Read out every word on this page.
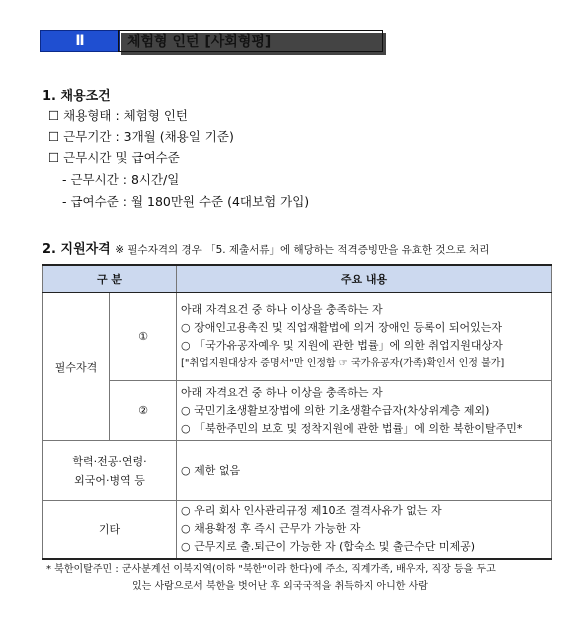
Ⅱ	체험형 인턴 [사회형평]
1. 채용조건
☐ 채용형태 : 체험형 인턴
☐ 근무기간 : 3개월 (채용일 기준)
☐ 근무시간 및 급여수준
- 근무시간 : 8시간/일
- 급여수준 : 월 180만원 수준 (4대보험 가입)
2. 지원자격 ※ 필수자격의 경우 「5. 제출서류」에 해당하는 적격증빙만을 유효한 것으로 처리
구 분		주요 내용
필수자격	①	아래 자격요건 중 하나 이상을 충족하는 자
○ 장애인고용촉진 및 직업재활법에 의거 장애인 등록이 되어있는자
○ 「국가유공자예우 및 지원에 관한 법률」에 의한 취업지원대상자
["취업지원대상자 증명서"만 인정함 ☞ 국가유공자(가족)확인서 인정 불가]

	②	아래 자격요건 중 하나 이상을 충족하는 자
○ 국민기초생활보장법에 의한 기초생활수급자(차상위계층 제외)
○ 「북한주민의 보호 및 정착지원에 관한 법률」에 의한 북한이탈주민*

학력·전공·연령·
외국어·병역 등		○ 제한 없음

기타		○ 우리 회사 인사관리규정 제10조 결격사유가 없는 자
○ 채용확정 후 즉시 근무가 가능한 자
○ 근무지로 출.퇴근이 가능한 자 (합숙소 및 출근수단 미제공)
* 북한이탈주민 : 군사분계선 이북지역(이하 "북한"이라 한다)에 주소, 직계가족, 배우자, 직장 등을 두고
있는 사람으로서 북한을 벗어난 후 외국국적을 취득하지 아니한 사람
